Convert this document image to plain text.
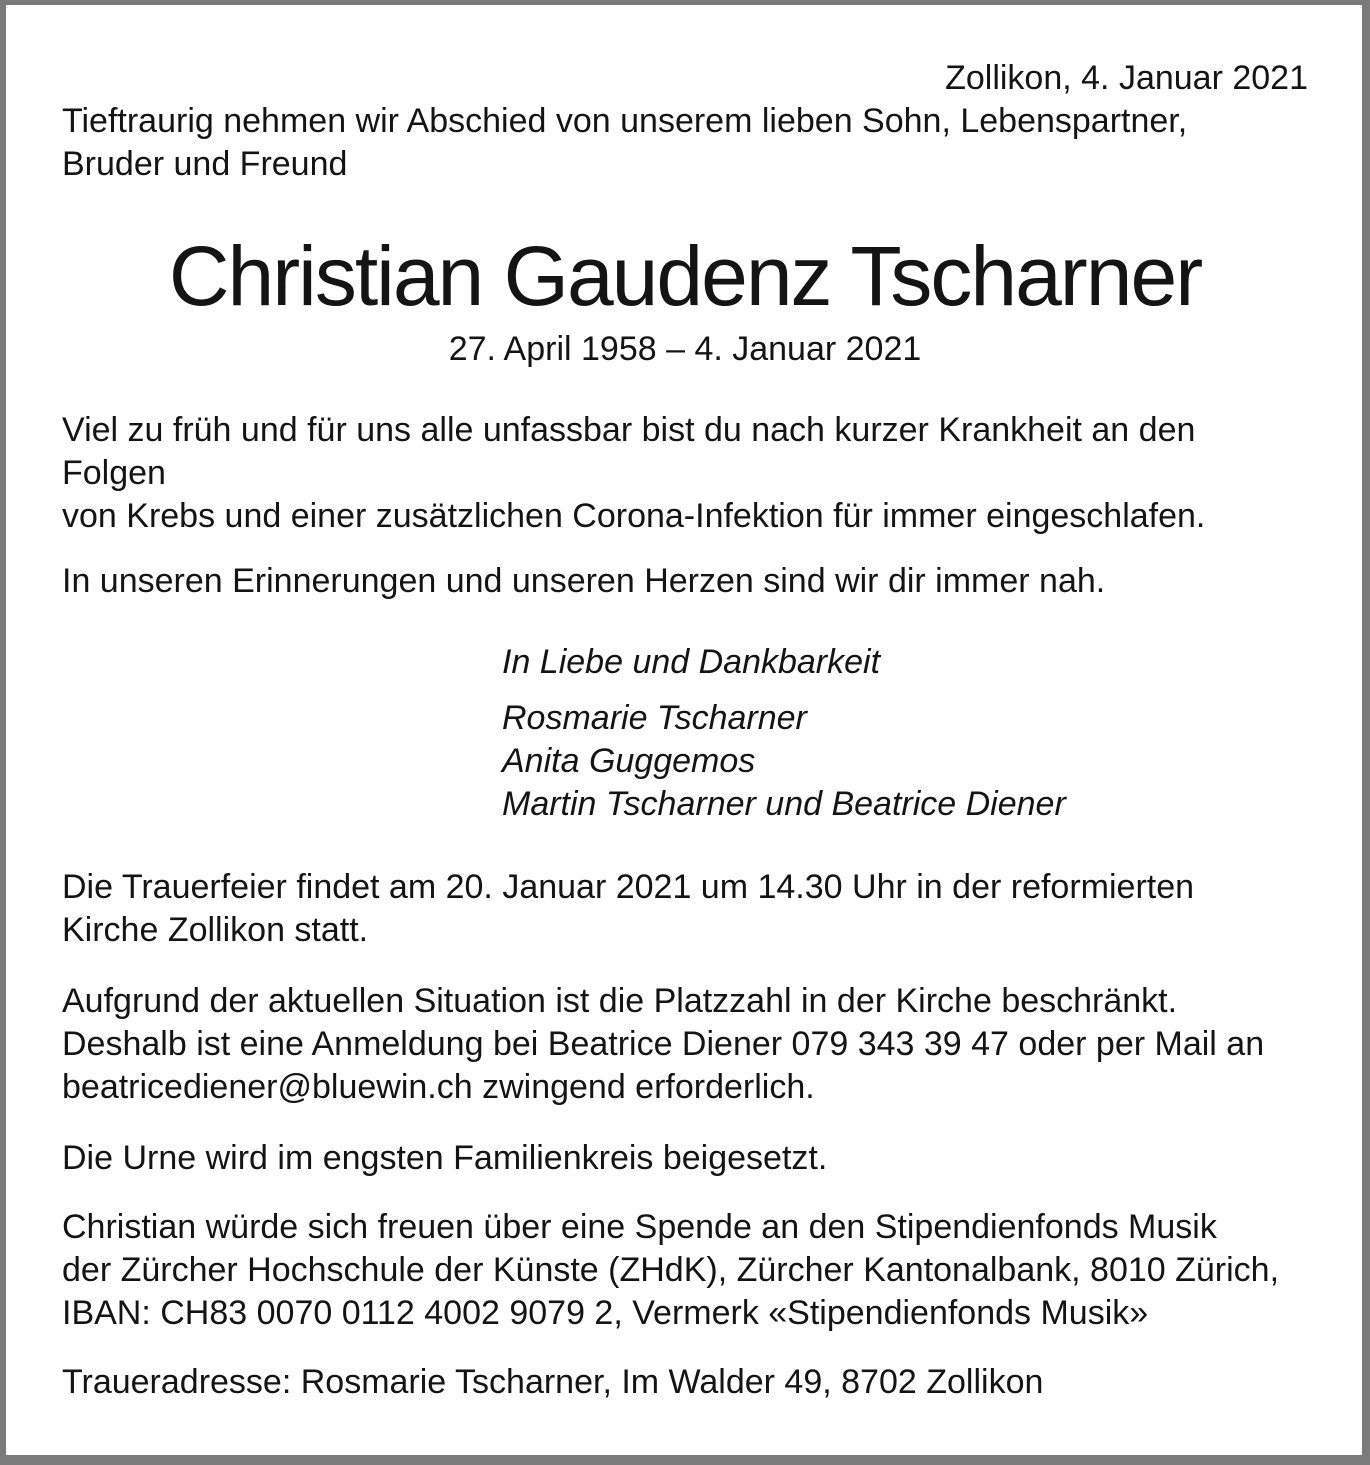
Zollikon, 4. Januar 2021

Tieftraurig nehmen wir Abschied von unserem lieben Sohn, Lebenspartner,
Bruder und Freund

Christian Gaudenz Tscharner
27. April 1958 – 4. Januar 2021

Viel zu früh und für uns alle unfassbar bist du nach kurzer Krankheit an den Folgen
von Krebs und einer zusätzlichen Corona-Infektion für immer eingeschlafen.

In unseren Erinnerungen und unseren Herzen sind wir dir immer nah.

In Liebe und Dankbarkeit
Rosmarie Tscharner
Anita Guggemos
Martin Tscharner und Beatrice Diener

Die Trauerfeier findet am 20. Januar 2021 um 14.30 Uhr in der reformierten
Kirche Zollikon statt.

Aufgrund der aktuellen Situation ist die Platzzahl in der Kirche beschränkt.
Deshalb ist eine Anmeldung bei Beatrice Diener 079 343 39 47 oder per Mail an
beatricediener@bluewin.ch zwingend erforderlich.

Die Urne wird im engsten Familienkreis beigesetzt.

Christian würde sich freuen über eine Spende an den Stipendienfonds Musik
der Zürcher Hochschule der Künste (ZHdK), Zürcher Kantonalbank, 8010 Zürich,
IBAN: CH83 0070 0112 4002 9079 2, Vermerk «Stipendienfonds Musik»

Traueradresse: Rosmarie Tscharner, Im Walder 49, 8702 Zollikon
